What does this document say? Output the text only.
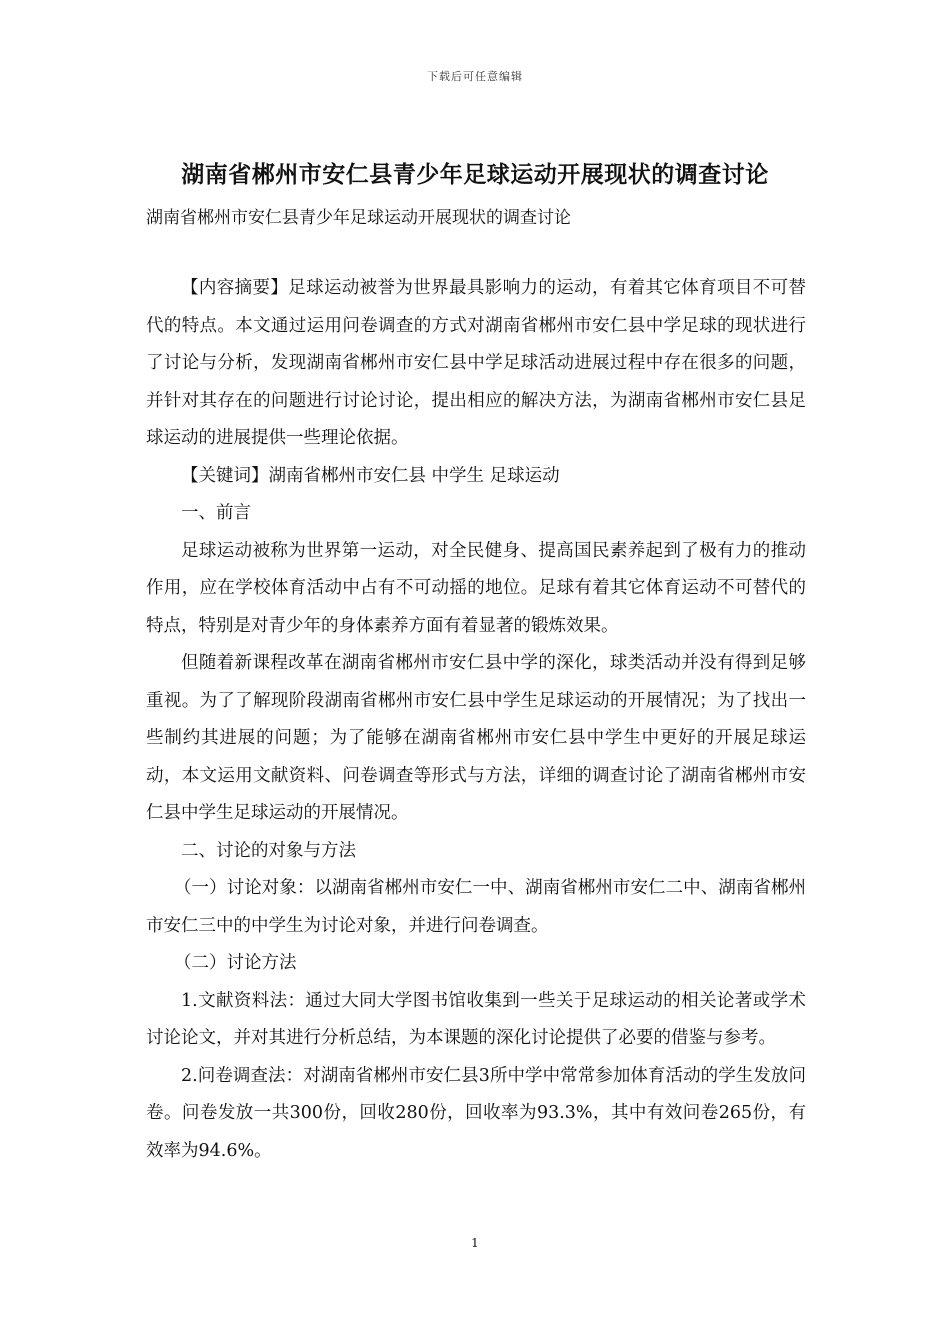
下载后可任意编辑
湖南省郴州市安仁县青少年足球运动开展现状的调查讨论

湖南省郴州市安仁县青少年足球运动开展现状的调查讨论

【内容摘要】足球运动被誉为世界最具影响力的运动，有着其它体育项目不可替代的特点。本文通过运用问卷调查的方式对湖南省郴州市安仁县中学足球的现状进行了讨论与分析，发现湖南省郴州市安仁县中学足球活动进展过程中存在很多的问题，并针对其存在的问题进行讨论讨论，提出相应的解决方法，为湖南省郴州市安仁县足球运动的进展提供一些理论依据。

【关键词】湖南省郴州市安仁县 中学生 足球运动

一、前言

足球运动被称为世界第一运动，对全民健身、提高国民素养起到了极有力的推动作用，应在学校体育活动中占有不可动摇的地位。足球有着其它体育运动不可替代的特点，特别是对青少年的身体素养方面有着显著的锻炼效果。

但随着新课程改革在湖南省郴州市安仁县中学的深化，球类活动并没有得到足够重视。为了了解现阶段湖南省郴州市安仁县中学生足球运动的开展情况；为了找出一些制约其进展的问题；为了能够在湖南省郴州市安仁县中学生中更好的开展足球运动，本文运用文献资料、问卷调查等形式与方法，详细的调查讨论了湖南省郴州市安仁县中学生足球运动的开展情况。

二、讨论的对象与方法

（一）讨论对象：以湖南省郴州市安仁一中、湖南省郴州市安仁二中、湖南省郴州市安仁三中的中学生为讨论对象，并进行问卷调查。

（二）讨论方法

1.文献资料法：通过大同大学图书馆收集到一些关于足球运动的相关论著或学术讨论论文，并对其进行分析总结，为本课题的深化讨论提供了必要的借鉴与参考。

2.问卷调查法：对湖南省郴州市安仁县3所中学中常常参加体育活动的学生发放问卷。问卷发放一共300份，回收280份，回收率为93.3%，其中有效问卷265份，有效率为94.6%。

1
